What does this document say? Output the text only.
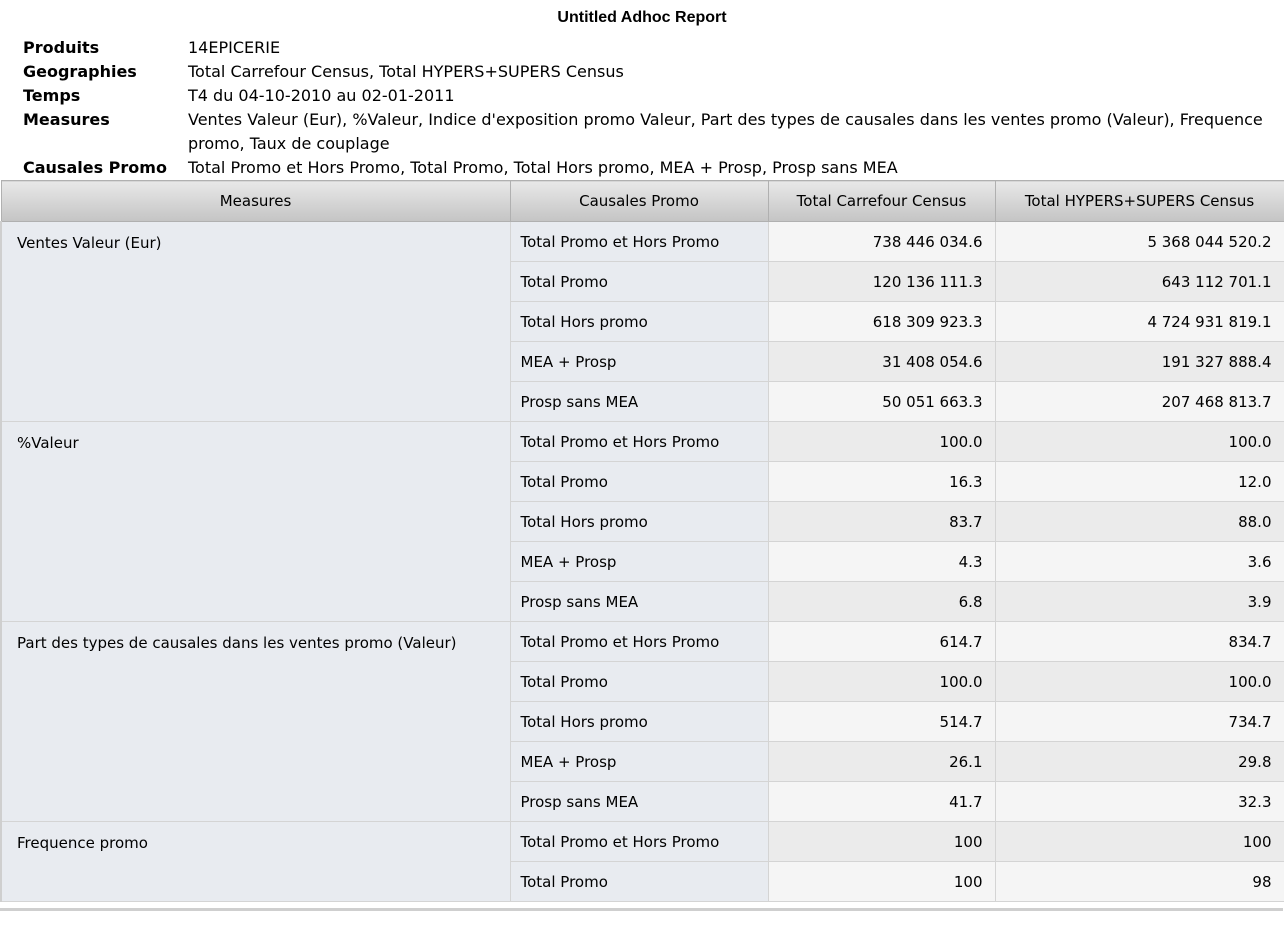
Untitled Adhoc Report
Produits	14EPICERIE
Geographies	Total Carrefour Census, Total HYPERS+SUPERS Census
Temps	T4 du 04-10-2010 au 02-01-2011
Measures	Ventes Valeur (Eur), %Valeur, Indice d'exposition promo Valeur, Part des types de causales dans les ventes promo (Valeur), Frequence promo, Taux de couplage
Causales Promo	Total Promo et Hors Promo, Total Promo, Total Hors promo, MEA + Prosp, Prosp sans MEA
Measures	Causales Promo	Total Carrefour Census	Total HYPERS+SUPERS Census
Ventes Valeur (Eur)	Total Promo et Hors Promo	738 446 034.6	5 368 044 520.2
	Total Promo	120 136 111.3	643 112 701.1
	Total Hors promo	618 309 923.3	4 724 931 819.1
	MEA + Prosp	31 408 054.6	191 327 888.4
	Prosp sans MEA	50 051 663.3	207 468 813.7
%Valeur	Total Promo et Hors Promo	100.0	100.0
	Total Promo	16.3	12.0
	Total Hors promo	83.7	88.0
	MEA + Prosp	4.3	3.6
	Prosp sans MEA	6.8	3.9
Part des types de causales dans les ventes promo (Valeur)	Total Promo et Hors Promo	614.7	834.7
	Total Promo	100.0	100.0
	Total Hors promo	514.7	734.7
	MEA + Prosp	26.1	29.8
	Prosp sans MEA	41.7	32.3
Frequence promo	Total Promo et Hors Promo	100	100
	Total Promo	100	98
